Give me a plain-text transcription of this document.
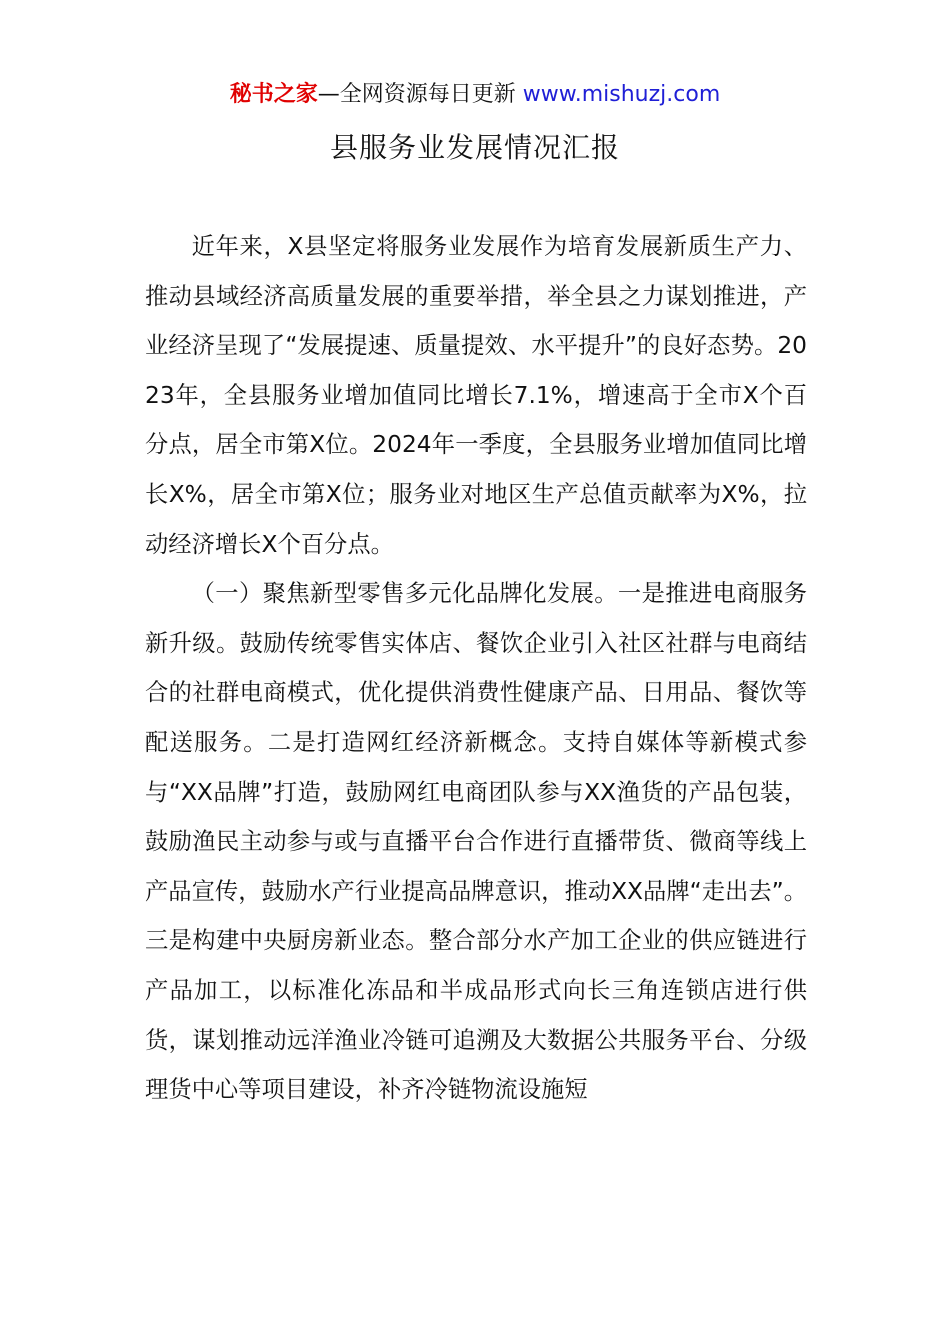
秘书之家—全网资源每日更新 www.mishuzj.com
县服务业发展情况汇报

近年来，X县坚定将服务业发展作为培育发展新质生产力、推动县域经济高质量发展的重要举措，举全县之力谋划推进，产业经济呈现了“发展提速、质量提效、水平提升”的良好态势。2023年，全县服务业增加值同比增长7.1%，增速高于全市X个百分点，居全市第X位。2024年一季度，全县服务业增加值同比增长X%，居全市第X位；服务业对地区生产总值贡献率为X%，拉动经济增长X个百分点。

（一）聚焦新型零售多元化品牌化发展。一是推进电商服务新升级。鼓励传统零售实体店、餐饮企业引入社区社群与电商结合的社群电商模式，优化提供消费性健康产品、日用品、餐饮等配送服务。二是打造网红经济新概念。支持自媒体等新模式参与“XX品牌”打造，鼓励网红电商团队参与XX渔货的产品包装，鼓励渔民主动参与或与直播平台合作进行直播带货、微商等线上产品宣传，鼓励水产行业提高品牌意识，推动XX品牌“走出去”。三是构建中央厨房新业态。整合部分水产加工企业的供应链进行产品加工，以标准化冻品和半成品形式向长三角连锁店进行供货，谋划推动远洋渔业冷链可追溯及大数据公共服务平台、分级理货中心等项目建设，补齐冷链物流设施短
